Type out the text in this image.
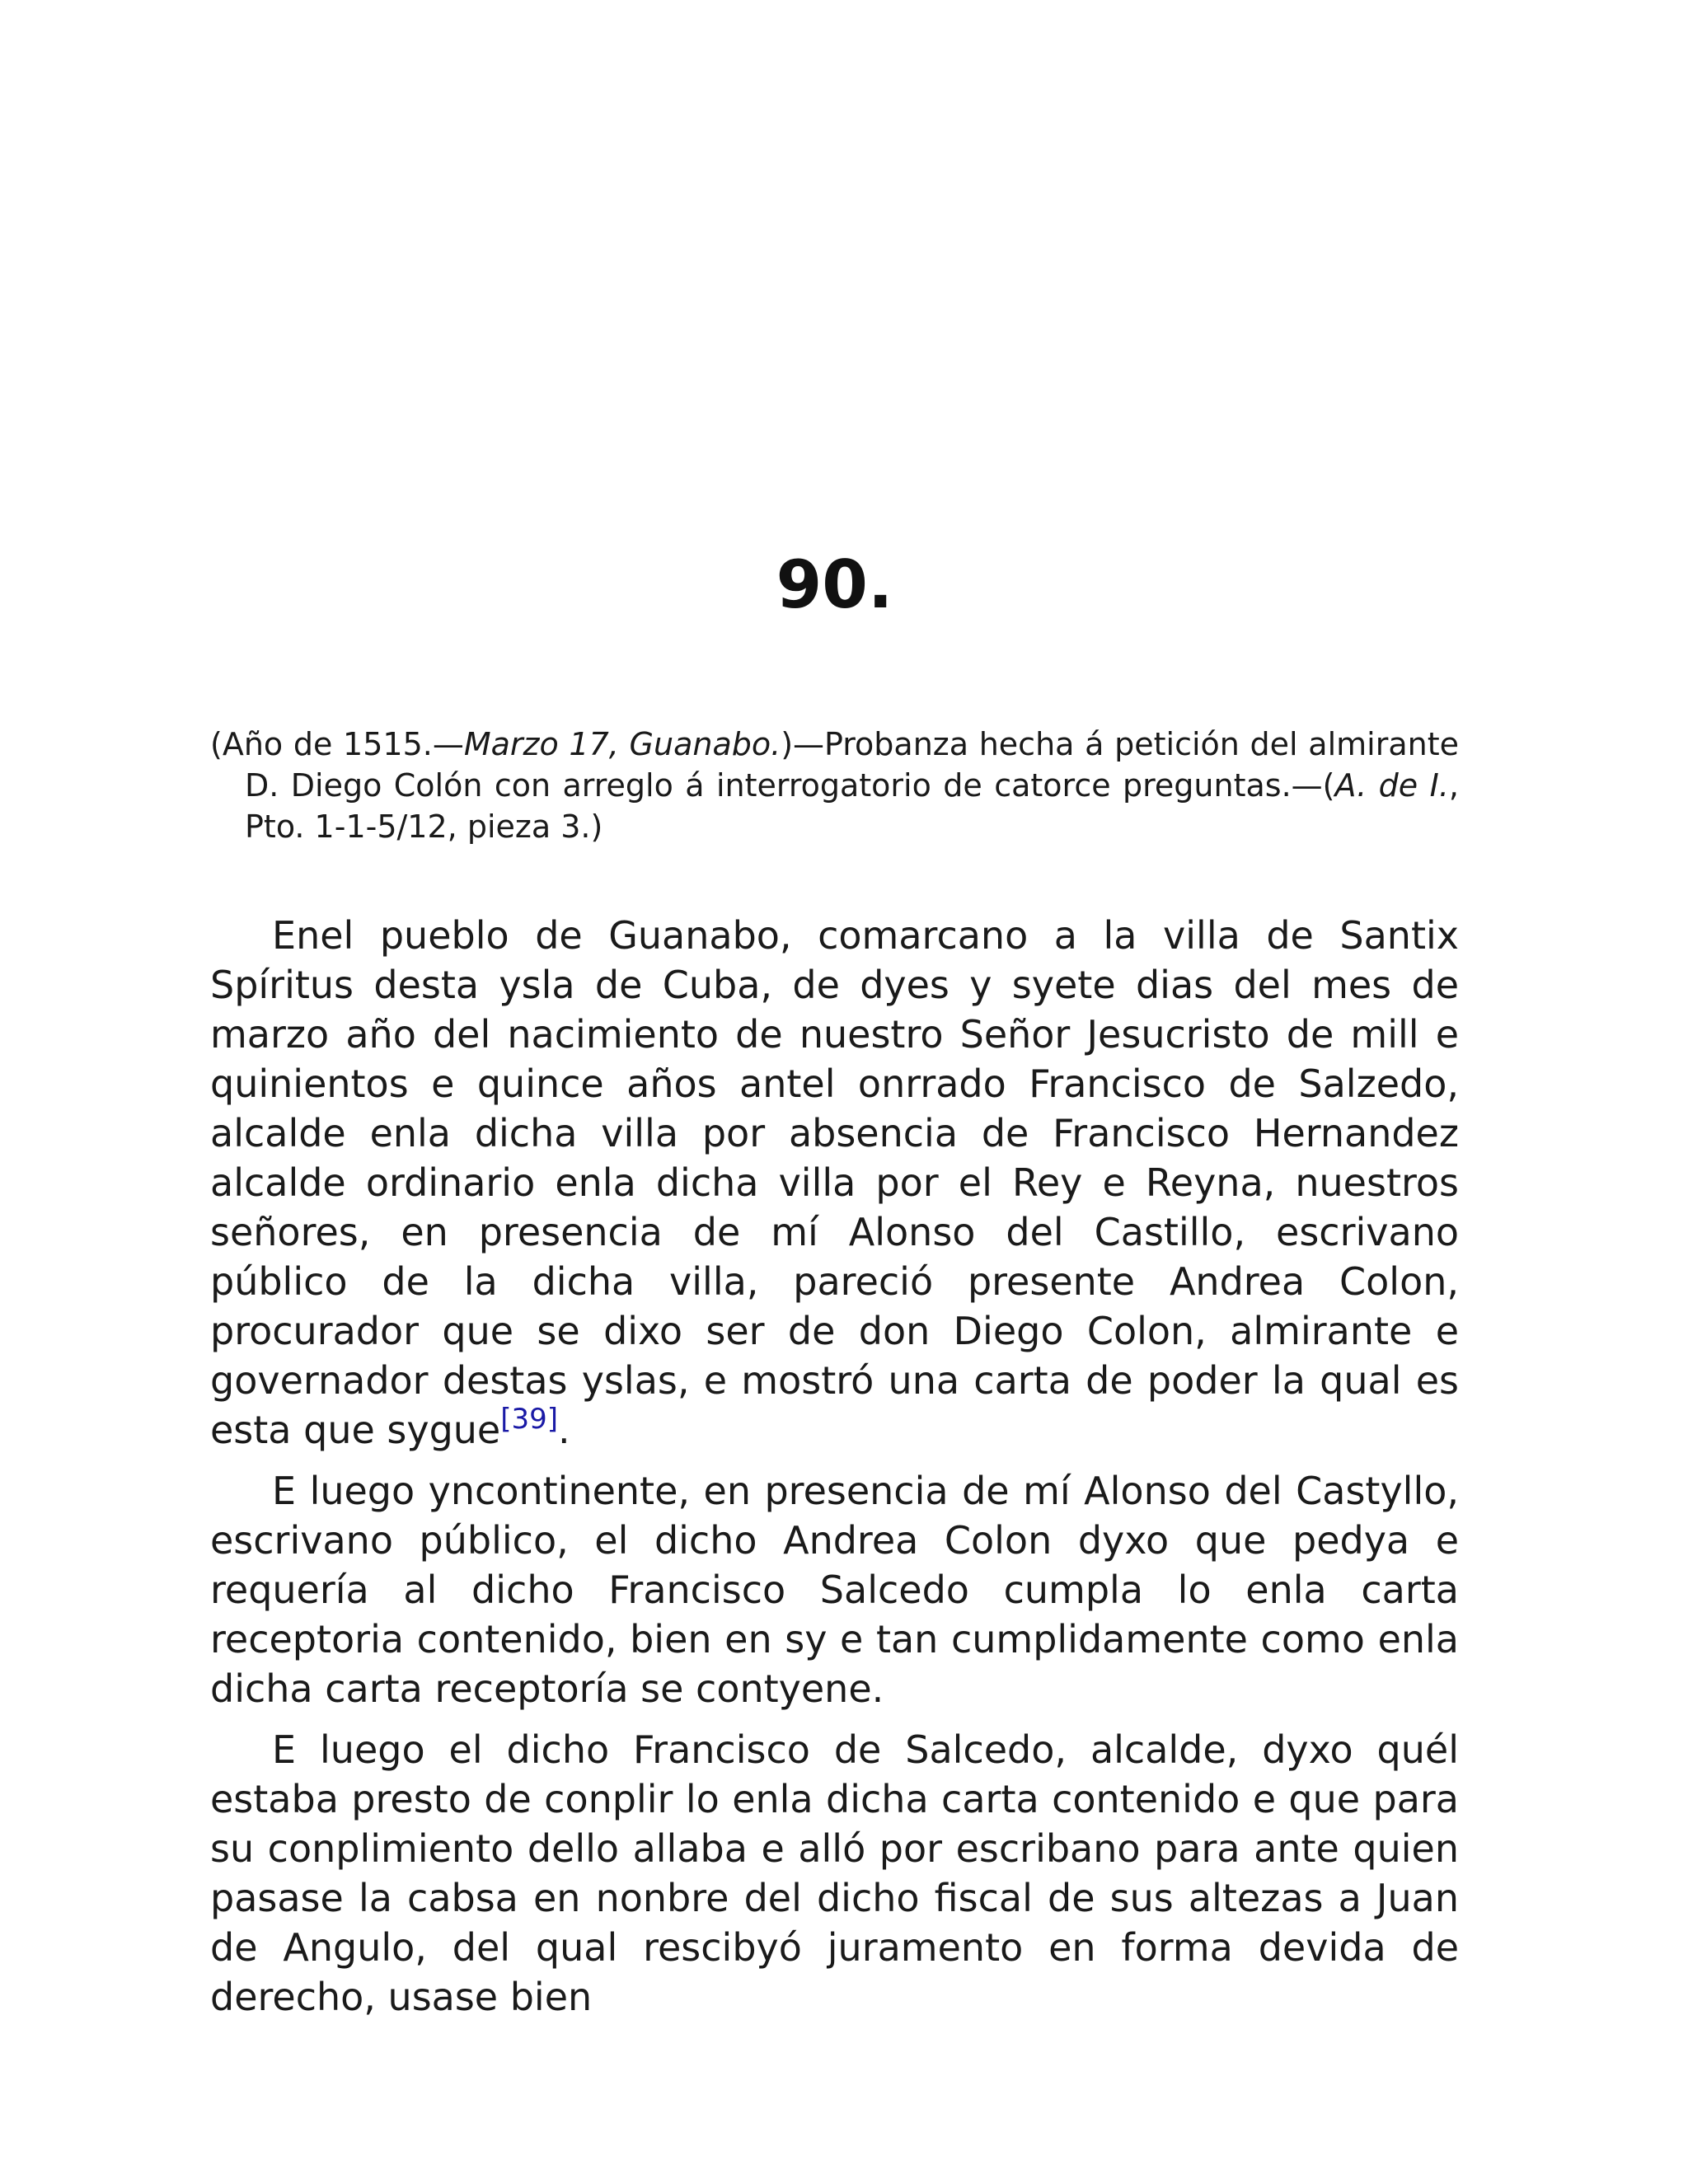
90.

(Año de 1515.—Marzo 17, Guanabo.)—Probanza hecha á petición del almirante D. Diego Colón con arreglo á interrogatorio de catorce preguntas.—(A. de I., Pto. 1-1-5/12, pieza 3.)

Enel pueblo de Guanabo, comarcano a la villa de Santix Spíritus desta ysla de Cuba, de dyes y syete dias del mes de marzo año del nacimiento de nuestro Señor Jesucristo de mill e quinientos e quince años antel onrrado Francisco de Salzedo, alcalde enla dicha villa por absencia de Francisco Hernandez alcalde ordinario enla dicha villa por el Rey e Reyna, nuestros señores, en presencia de mí Alonso del Castillo, escrivano público de la dicha villa, pareció presente Andrea Colon, procurador que se dixo ser de don Diego Colon, almirante e governador destas yslas, e mostró una carta de poder la qual es esta que sygue[39].

E luego yncontinente, en presencia de mí Alonso del Castyllo, escrivano público, el dicho Andrea Colon dyxo que pedya e requería al dicho Francisco Salcedo cumpla lo enla carta receptoria contenido, bien en sy e tan cumplidamente como enla dicha carta receptoría se contyene.

E luego el dicho Francisco de Salcedo, alcalde, dyxo quél estaba presto de conplir lo enla dicha carta contenido e que para su conplimiento dello allaba e alló por escribano para ante quien pasase la cabsa en nonbre del dicho fiscal de sus altezas a Juan de Angulo, del qual rescibyó juramento en forma devida de derecho, usase bien
